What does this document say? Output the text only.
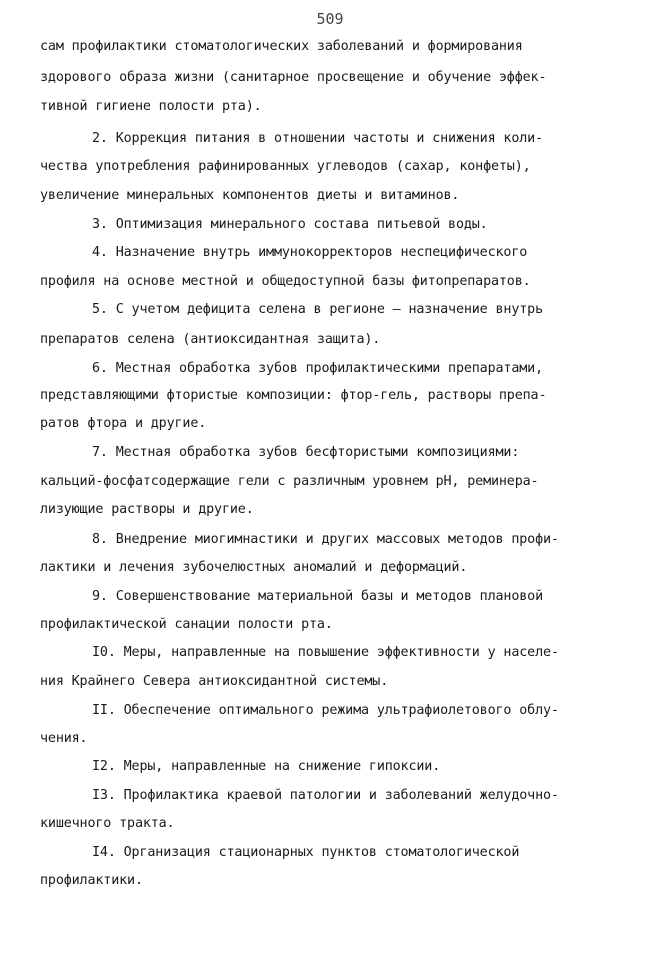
509
сам профилактики стоматологических заболеваний и формирования
здорового образа жизни (санитарное просвещение и обучение эффек-
тивной гигиене полости рта).
2. Коррекция питания в отношении частоты и снижения коли-
чества употребления рафинированных углеводов (сахар, конфеты),
увеличение минеральных компонентов диеты и витаминов.
3. Оптимизация минерального состава питьевой воды.
4. Назначение внутрь иммунокорректоров неспецифического
профиля на основе местной и общедоступной базы фитопрепаратов.
5. С учетом дефицита селена в регионе – назначение внутрь
препаратов селена (антиоксидантная защита).
6. Местная обработка зубов профилактическими препаратами,
представляющими фтористые композиции: фтор-гель, растворы препа-
ратов фтора и другие.
7. Местная обработка зубов бесфтористыми композициями:
кальций-фосфатсодержащие гели с различным уровнем pH, реминера-
лизующие растворы и другие.
8. Внедрение миогимнастики и других массовых методов профи-
лактики и лечения зубочелюстных аномалий и деформаций.
9. Совершенствование материальной базы и методов плановой
профилактической санации полости рта.
I0. Меры, направленные на повышение эффективности у населе-
ния Крайнего Севера антиоксидантной системы.
II. Обеспечение оптимального режима ультрафиолетового облу-
чения.
I2. Меры, направленные на снижение гипоксии.
I3. Профилактика краевой патологии и заболеваний желудочно-
кишечного тракта.
I4. Организация стационарных пунктов стоматологической
профилактики.
